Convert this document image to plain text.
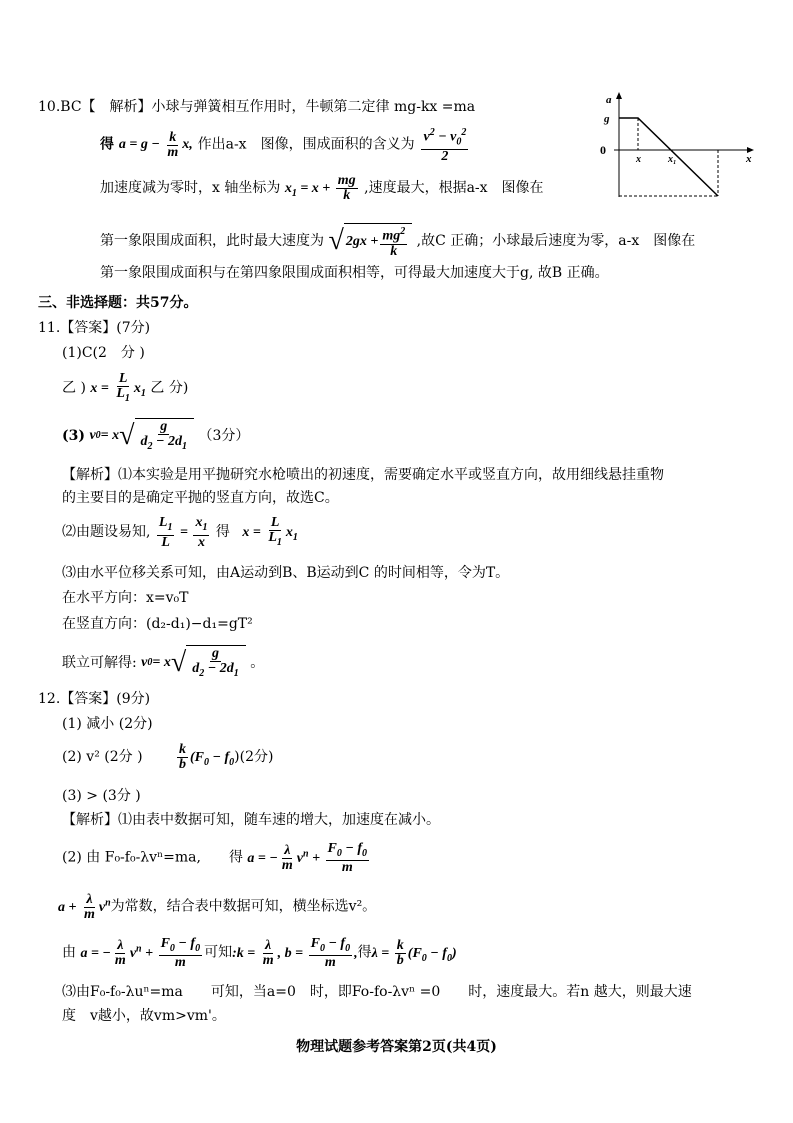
10.BC【　解析】小球与弹簧相互作用时，牛顿第二定律 mg-kx =ma
得 $a = g - \frac{k}{m} x$, 作出a-x　图像，围成面积的含义为 $\frac{v^2 - v_0^2}{2}$
加速度减为零时，x 轴坐标为 $x_1 = x + \frac{mg}{k}$ ,速度最大，根据a-x　图像在
第一象限围成面积，此时最大速度为 √ $2gx + \frac{mg^2}{k}$ ,故C 正确；小球最后速度为零，a-x　图像在
第一象限围成面积与在第四象限围成面积相等，可得最大加速度大于g, 故B 正确。
a
x
g
0
x	x₁
三、非选择题：共57分。
11.【答案】(7分)
(1)C(2　分 )
乙 ) $x = \frac{L}{L_1} x_1$ 乙 分)
(3) v 0 = x √ $\frac{g}{d_2 - 2d_1} (3$分）
【解析】⑴本实验是用平抛研究水枪喷出的初速度，需要确定水平或竖直方向，故用细线悬挂重物
的主要目的是确定平抛的竖直方向，故选C。
⑵由题设易知, $\frac{L_1}{L} = \frac{x_1}{x}$ 得 $x = \frac{L}{L_1} x_1$
⑶由水平位移关系可知，由A运动到B、B运动到C 的时间相等，令为T。
在水平方向：x=v₀T
在竖直方向：(d₂-d₁)−d₁=gT²
联立可解得: v 0 = x √ $\frac{g}{d_2 - 2d_1}$ 。
12.【答案】(9分)
(1) 减小 (2分)
(2) v² (2分 ) $\frac{k}{b} (F_0 - f_0)(2$分)
(3) > (3分 )
【解析】⑴由表中数据可知，随车速的增大，加速度在减小。
(2) 由 F₀-f₀-λvⁿ=ma,　　得 a = − $\frac{\lambda}{m} v^n + \frac{F_0 - f_0}{m}$
$a + \frac{\lambda}{m} v^n$为常数，结合表中数据可知，横坐标选v²。
由 a = − $\frac{\lambda}{m} v^n + \frac{F_0 - f_0}{m}$ 可知:k = $\frac{\lambda}{m}$ , $b = \frac{F_0 - f_0}{m}$ ,得$\lambda = \frac{k}{b} (F_0 - f_0)$
⑶由F₀-f₀-λuⁿ=ma　　可知，当a=0　时，即Fo-fo-λvⁿ =0　　时，速度最大。若n 越大，则最大速
度　v越小，故vm>vm'。
物理试题参考答案第2页(共4页)
